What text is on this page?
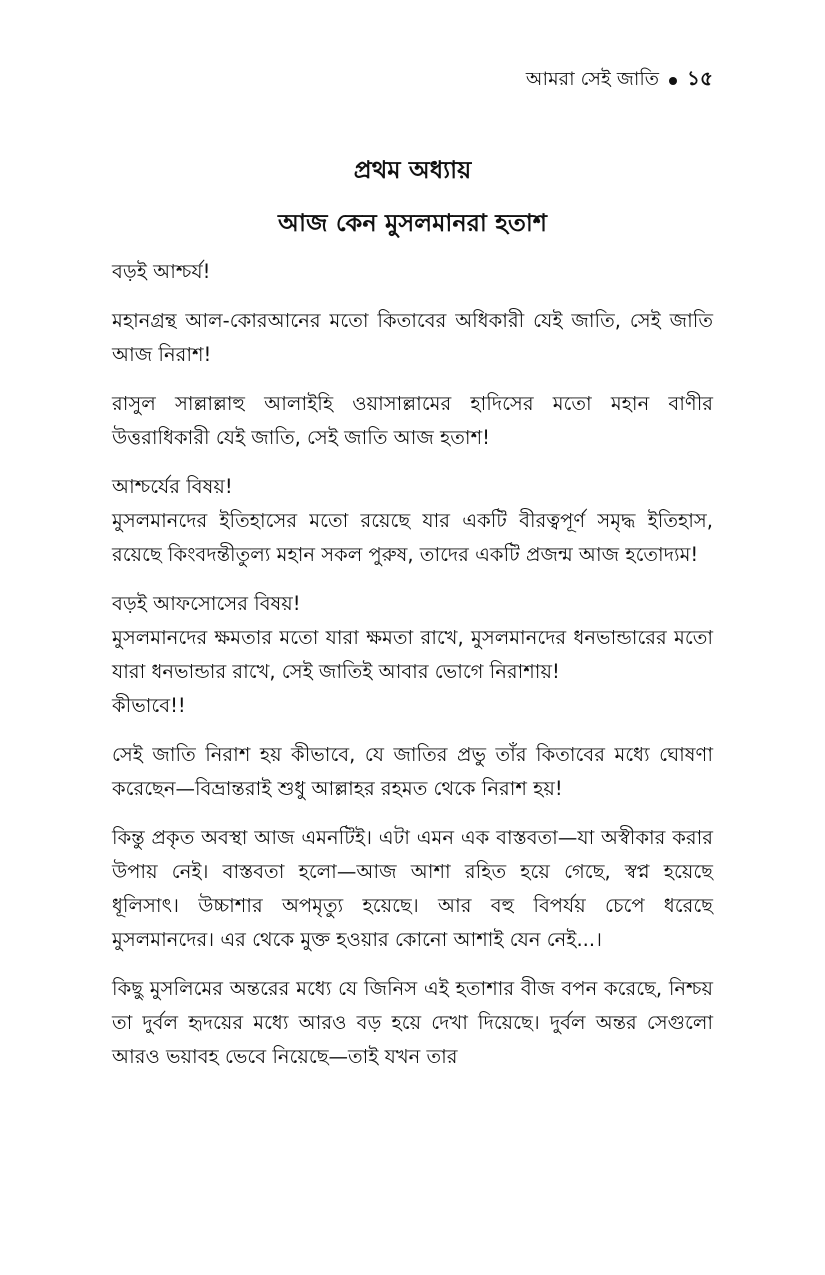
আমরা সেই জাতি ১৫
প্রথম অধ্যায়
আজ কেন মুসলমানরা হতাশ

বড়ই আশ্চর্য!

মহানগ্রন্থ আল-কোরআনের মতো কিতাবের অধিকারী যেই জাতি, সেই জাতি আজ নিরাশ!

রাসুল সাল্লাল্লাহু আলাইহি ওয়াসাল্লামের হাদিসের মতো মহান বাণীর উত্তরাধিকারী যেই জাতি, সেই জাতি আজ হতাশ!

আশ্চর্যের বিষয়!

মুসলমানদের ইতিহাসের মতো রয়েছে যার একটি বীরত্বপূর্ণ সমৃদ্ধ ইতিহাস, রয়েছে কিংবদন্তীতুল্য মহান সকল পুরুষ, তাদের একটি প্রজন্ম আজ হতোদ্যম!

বড়ই আফসোসের বিষয়!

মুসলমানদের ক্ষমতার মতো যারা ক্ষমতা রাখে, মুসলমানদের ধনভান্ডারের মতো যারা ধনভান্ডার রাখে, সেই জাতিই আবার ভোগে নিরাশায়!

কীভাবে!!

সেই জাতি নিরাশ হয় কীভাবে, যে জাতির প্রভু তাঁর কিতাবের মধ্যে ঘোষণা করেছেন—বিভ্রান্তরাই শুধু আল্লাহর রহমত থেকে নিরাশ হয়!

কিন্তু প্রকৃত অবস্থা আজ এমনটিই। এটা এমন এক বাস্তবতা—যা অস্বীকার করার উপায় নেই। বাস্তবতা হলো—আজ আশা রহিত হয়ে গেছে, স্বপ্ন হয়েছে ধূলিসাৎ। উচ্চাশার অপমৃত্যু হয়েছে। আর বহু বিপর্যয় চেপে ধরেছে মুসলমানদের। এর থেকে মুক্ত হওয়ার কোনো আশাই যেন নেই...।

কিছু মুসলিমের অন্তরের মধ্যে যে জিনিস এই হতাশার বীজ বপন করেছে, নিশ্চয় তা দুর্বল হৃদয়ের মধ্যে আরও বড় হয়ে দেখা দিয়েছে। দুর্বল অন্তর সেগুলো আরও ভয়াবহ ভেবে নিয়েছে—তাই যখন তার
